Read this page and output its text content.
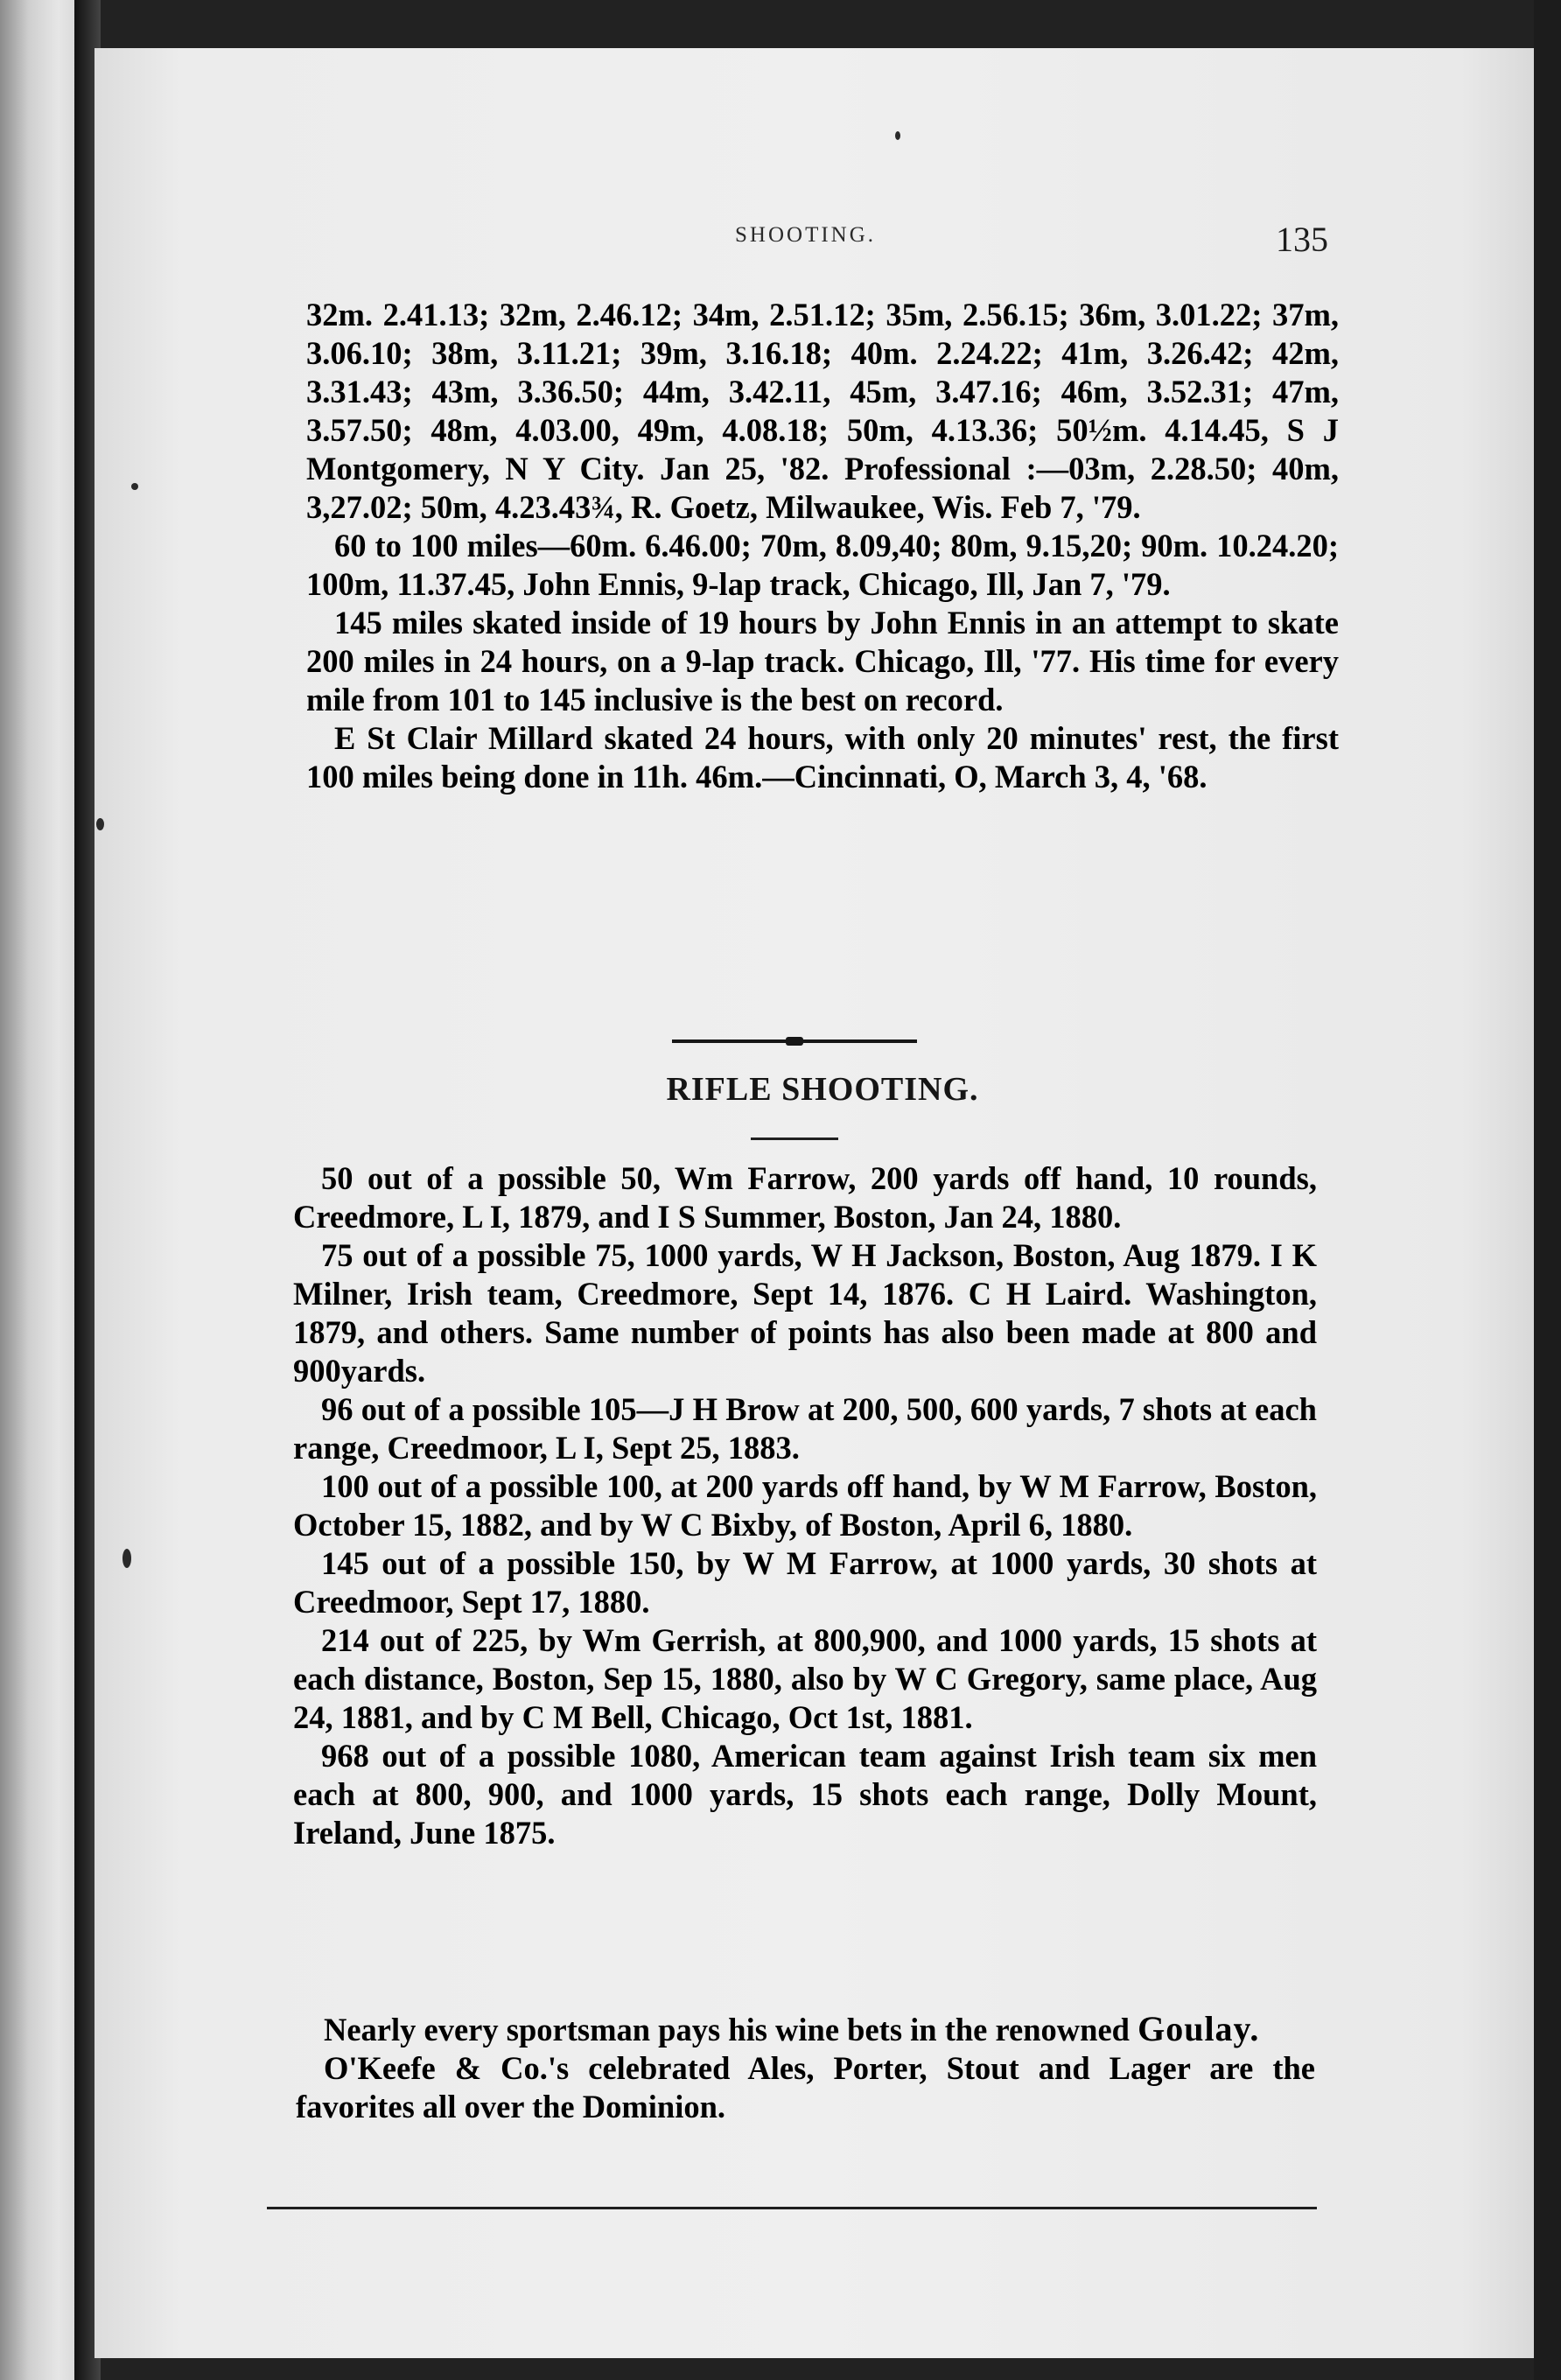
SHOOTING.	135

32m. 2.41.13; 32m, 2.46.12; 34m, 2.51.12; 35m, 2.56.15; 36m, 3.01.22; 37m, 3.06.10; 38m, 3.11.21; 39m, 3.16.18; 40m. 2.24.22; 41m, 3.26.42; 42m, 3.31.43; 43m, 3.36.50; 44m, 3.42.11, 45m, 3.47.16; 46m, 3.52.31; 47m, 3.57.50; 48m, 4.03.00, 49m, 4.08.18; 50m, 4.13.36; 50½m. 4.14.45, S J Montgomery, N Y City. Jan 25, '82. Professional :—03m, 2.28.50; 40m, 3,27.02; 50m, 4.23.43¾, R. Goetz, Milwaukee, Wis. Feb 7, '79.

60 to 100 miles—60m. 6.46.00; 70m, 8.09,40; 80m, 9.15,20; 90m. 10.24.20; 100m, 11.37.45, John Ennis, 9-lap track, Chicago, Ill, Jan 7, '79.

145 miles skated inside of 19 hours by John Ennis in an attempt to skate 200 miles in 24 hours, on a 9-lap track. Chicago, Ill, '77. His time for every mile from 101 to 145 inclusive is the best on record.

E St Clair Millard skated 24 hours, with only 20 minutes' rest, the first 100 miles being done in 11h. 46m.—Cincinnati, O, March 3, 4, '68.

RIFLE SHOOTING.

50 out of a possible 50, Wm Farrow, 200 yards off hand, 10 rounds, Creedmore, L I, 1879, and I S Summer, Boston, Jan 24, 1880.

75 out of a possible 75, 1000 yards, W H Jackson, Boston, Aug 1879. I K Milner, Irish team, Creedmore, Sept 14, 1876. C H Laird. Washington, 1879, and others. Same number of points has also been made at 800 and 900yards.

96 out of a possible 105—J H Brow at 200, 500, 600 yards, 7 shots at each range, Creedmoor, L I, Sept 25, 1883.

100 out of a possible 100, at 200 yards off hand, by W M Farrow, Boston, October 15, 1882, and by W C Bixby, of Boston, April 6, 1880.

145 out of a possible 150, by W M Farrow, at 1000 yards, 30 shots at Creedmoor, Sept 17, 1880.

214 out of 225, by Wm Gerrish, at 800,900, and 1000 yards, 15 shots at each distance, Boston, Sep 15, 1880, also by W C Gregory, same place, Aug 24, 1881, and by C M Bell, Chicago, Oct 1st, 1881.

968 out of a possible 1080, American team against Irish team six men each at 800, 900, and 1000 yards, 15 shots each range, Dolly Mount, Ireland, June 1875.

Nearly every sportsman pays his wine bets in the renowned Goulay.

O'Keefe & Co.'s celebrated Ales, Porter, Stout and Lager are the favorites all over the Dominion.
